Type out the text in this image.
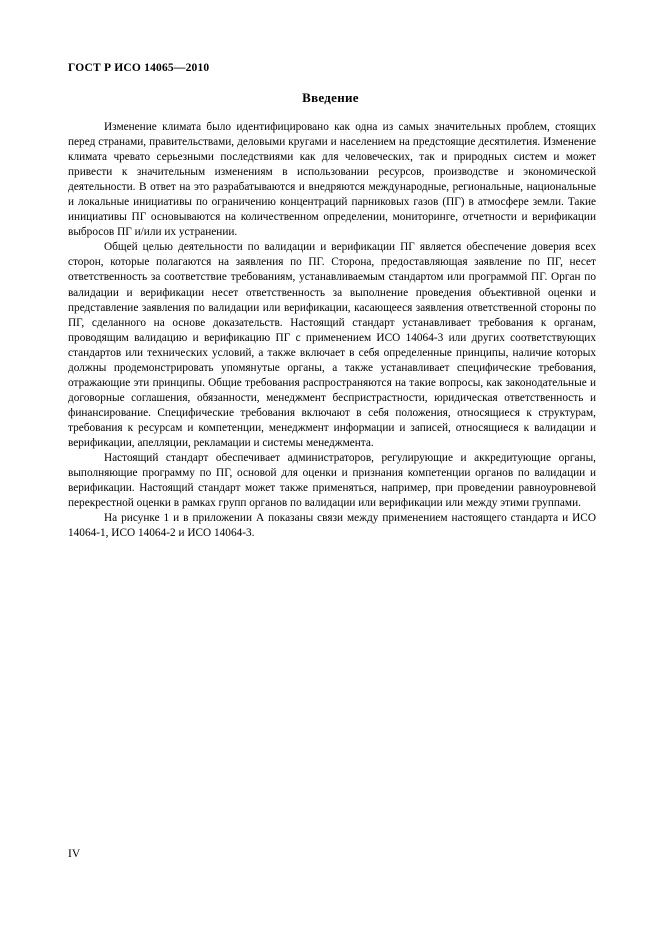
ГОСТ Р ИСО 14065—2010
Введение

Изменение климата было идентифицировано как одна из самых значительных проблем, стоящих перед странами, правительствами, деловыми кругами и населением на предстоящие десятилетия. Изменение климата чревато серьезными последствиями как для человеческих, так и природных систем и может привести к значительным изменениям в использовании ресурсов, производстве и экономической деятельности. В ответ на это разрабатываются и внедряются международные, региональные, национальные и локальные инициативы по ограничению концентраций парниковых газов (ПГ) в атмосфере земли. Такие инициативы ПГ основываются на количественном определении, мониторинге, отчетности и верификации выбросов ПГ и/или их устранении.

Общей целью деятельности по валидации и верификации ПГ является обеспечение доверия всех сторон, которые полагаются на заявления по ПГ. Сторона, предоставляющая заявление по ПГ, несет ответственность за соответствие требованиям, устанавливаемым стандартом или программой ПГ. Орган по валидации и верификации несет ответственность за выполнение проведения объективной оценки и представление заявления по валидации или верификации, касающееся заявления ответственной стороны по ПГ, сделанного на основе доказательств. Настоящий стандарт устанавливает требования к органам, проводящим валидацию и верификацию ПГ с применением ИСО 14064-3 или других соответствующих стандартов или технических условий, а также включает в себя определенные принципы, наличие которых должны продемонстрировать упомянутые органы, а также устанавливает специфические требования, отражающие эти принципы. Общие требования распространяются на такие вопросы, как законодательные и договорные соглашения, обязанности, менеджмент беспристрастности, юридическая ответственность и финансирование. Специфические требования включают в себя положения, относящиеся к структурам, требования к ресурсам и компетенции, менеджмент информации и записей, относящиеся к валидации и верификации, апелляции, рекламации и системы менеджмента.

Настоящий стандарт обеспечивает администраторов, регулирующие и аккредитующие органы, выполняющие программу по ПГ, основой для оценки и признания компетенции органов по валидации и верификации. Настоящий стандарт может также применяться, например, при проведении равноуровневой перекрестной оценки в рамках групп органов по валидации или верификации или между этими группами.

На рисунке 1 и в приложении А показаны связи между применением настоящего стандарта и ИСО 14064-1, ИСО 14064-2 и ИСО 14064-3.

IV
